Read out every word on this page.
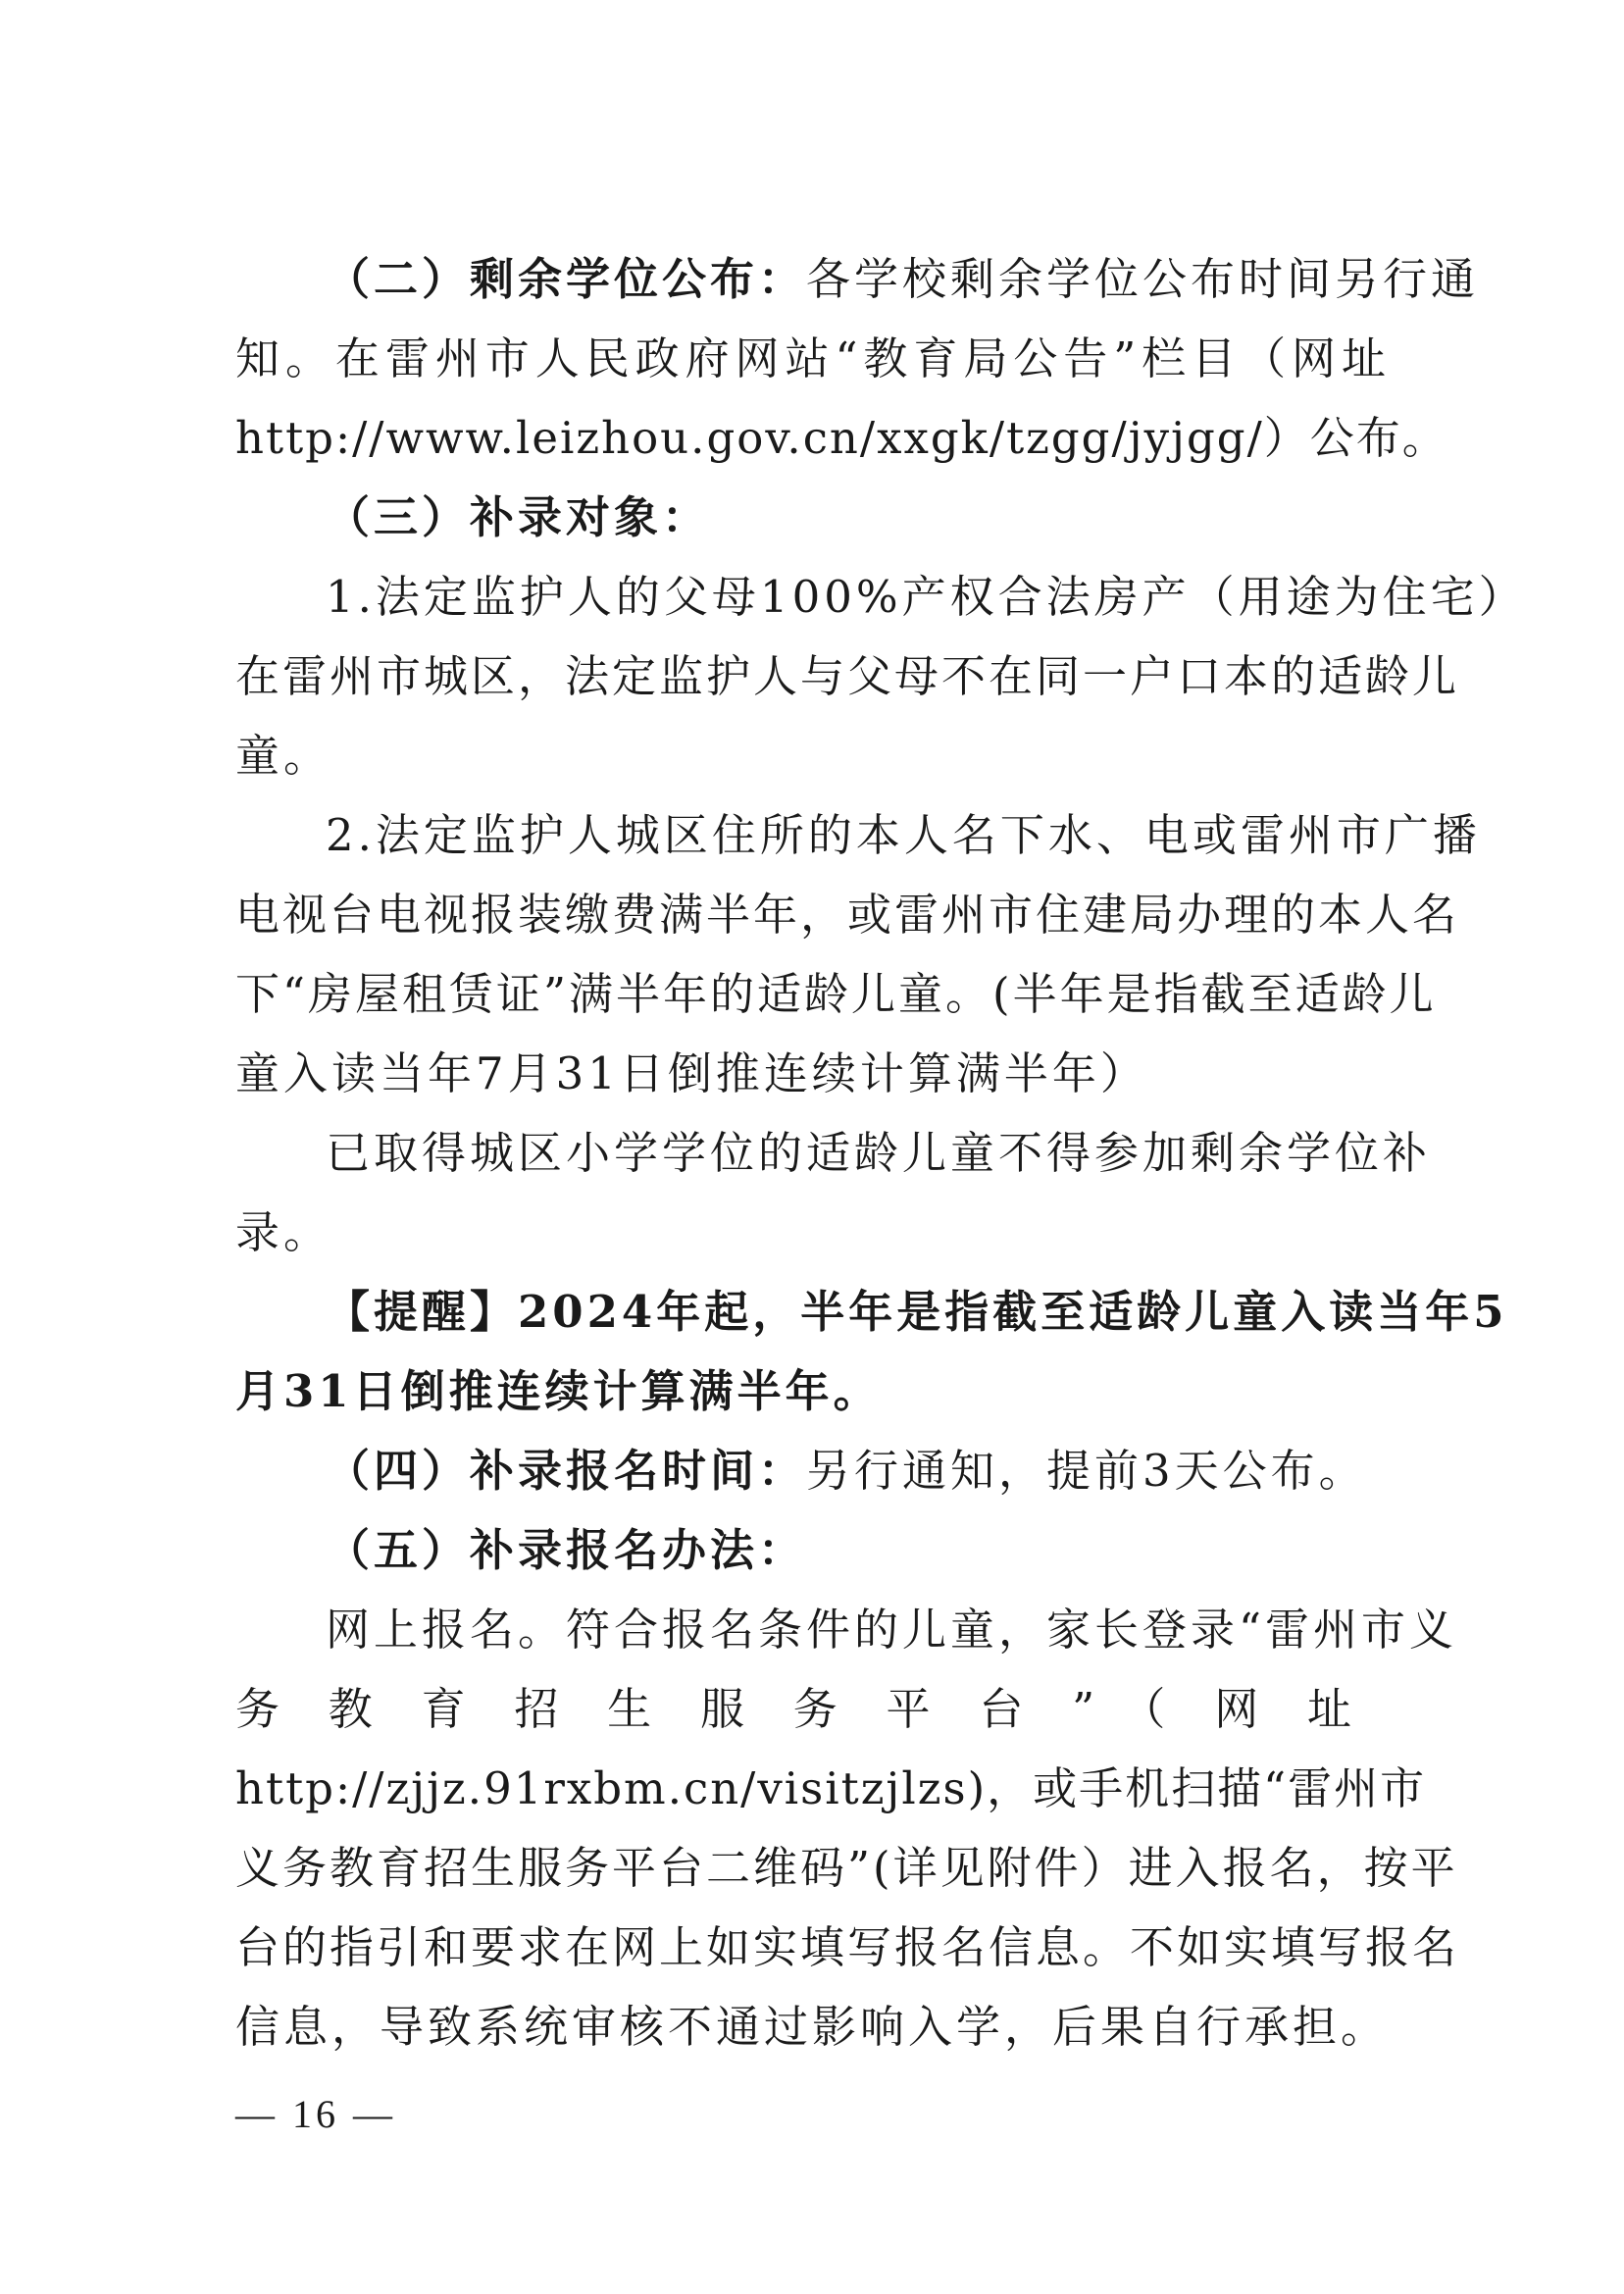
（二）剩余学位公布：各学校剩余学位公布时间另行通
知。在雷州市人民政府网站“教育局公告”栏目（网址
http://www.leizhou.gov.cn/xxgk/tzgg/jyjgg/）公布。
（三）补录对象：
1.法定监护人的父母100%产权合法房产（用途为住宅）
在雷州市城区，法定监护人与父母不在同一户口本的适龄儿
童。
2.法定监护人城区住所的本人名下水、电或雷州市广播
电视台电视报装缴费满半年，或雷州市住建局办理的本人名
下“房屋租赁证”满半年的适龄儿童。(半年是指截至适龄儿
童入读当年7月31日倒推连续计算满半年）
已取得城区小学学位的适龄儿童不得参加剩余学位补
录。
【提醒】2024年起，半年是指截至适龄儿童入读当年5
月31日倒推连续计算满半年。
（四）补录报名时间：另行通知，提前3天公布。
（五）补录报名办法：
网上报名。符合报名条件的儿童，家长登录“雷州市义
务教育招生服务平台”（网址
http://zjjz.91rxbm.cn/visitzjlzs)，或手机扫描“雷州市
义务教育招生服务平台二维码”(详见附件）进入报名，按平
台的指引和要求在网上如实填写报名信息。不如实填写报名
信息，导致系统审核不通过影响入学，后果自行承担。
— 16 —
